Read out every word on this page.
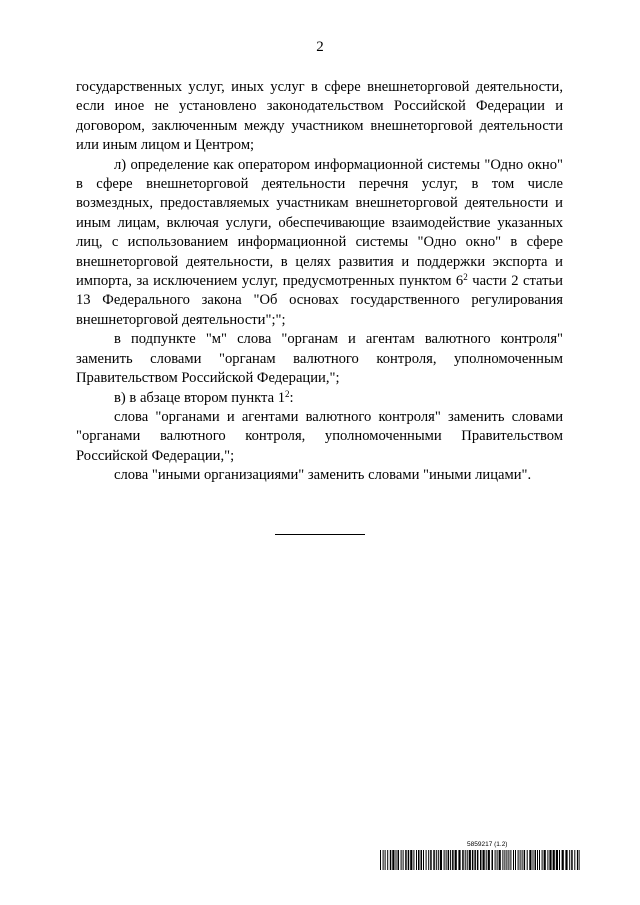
2

государственных услуг, иных услуг в сфере внешнеторговой деятельности, если иное не установлено законодательством Российской Федерации и договором, заключенным между участником внешнеторговой деятельности или иным лицом и Центром;

л) определение как оператором информационной системы "Одно окно" в сфере внешнеторговой деятельности перечня услуг, в том числе возмездных, предоставляемых участникам внешнеторговой деятельности и иным лицам, включая услуги, обеспечивающие взаимодействие указанных лиц, с использованием информационной системы "Одно окно" в сфере внешнеторговой деятельности, в целях развития и поддержки экспорта и импорта, за исключением услуг, предусмотренных пунктом $6^2$ части 2 статьи 13 Федерального закона "Об основах государственного регулирования внешнеторговой деятельности";";

в подпункте "м" слова "органам и агентам валютного контроля" заменить словами "органам валютного контроля, уполномоченным Правительством Российской Федерации,";

в) в абзаце втором пункта $1^2$:

слова "органами и агентами валютного контроля" заменить словами "органами валютного контроля, уполномоченными Правительством Российской Федерации,";

слова "иными организациями" заменить словами "иными лицами".

5859217 (1.2)
